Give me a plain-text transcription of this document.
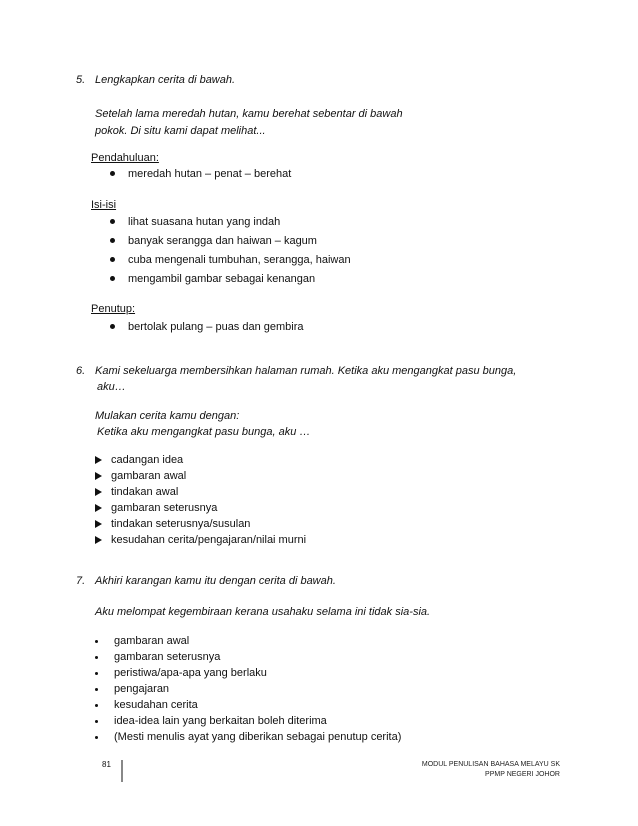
5. Lengkapkan cerita di bawah.
Setelah lama meredah hutan, kamu berehat sebentar di bawah
pokok. Di situ kami dapat melihat...
Pendahuluan:
meredah hutan – penat – berehat
Isi-isi
lihat suasana hutan yang indah
banyak serangga dan haiwan – kagum
cuba mengenali tumbuhan, serangga, haiwan
mengambil gambar sebagai kenangan
Penutup:
bertolak pulang – puas dan gembira
6. Kami sekeluarga membersihkan halaman rumah. Ketika aku mengangkat pasu bunga,
aku…
Mulakan cerita kamu dengan:
Ketika aku mengangkat pasu bunga, aku …
cadangan idea
gambaran awal
tindakan awal
gambaran seterusnya
tindakan seterusnya/susulan
kesudahan cerita/pengajaran/nilai murni
7. Akhiri karangan kamu itu dengan cerita di bawah.
Aku melompat kegembiraan kerana usahaku selama ini tidak sia-sia.
gambaran awal
gambaran seterusnya
peristiwa/apa-apa yang berlaku
pengajaran
kesudahan cerita
idea-idea lain yang berkaitan boleh diterima
(Mesti menulis ayat yang diberikan sebagai penutup cerita)
81	MODUL PENULISAN BAHASA MELAYU SK
PPMP NEGERI JOHOR
